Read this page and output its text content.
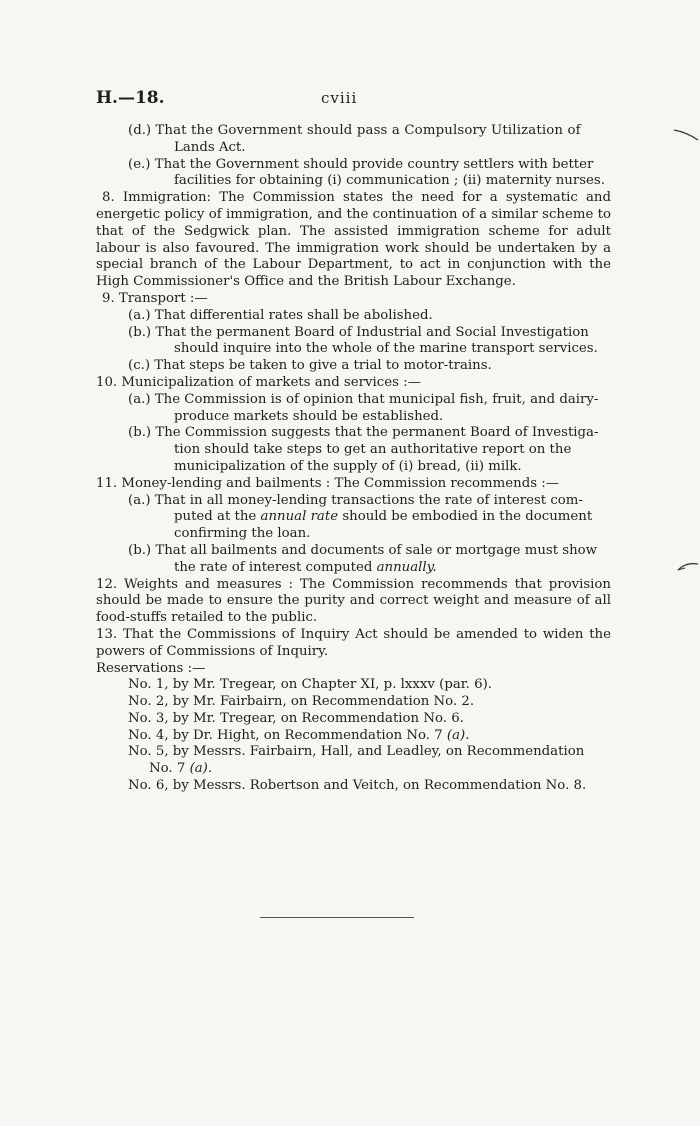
H.—18.	cviii
(d.) That the Government should pass a Compulsory Utilization of
Lands Act.
(e.) That the Government should provide country settlers with better
facilities for obtaining (i) communication ; (ii) maternity nurses.

8. Immigration: The Commission states the need for a systematic and energetic policy of immigration, and the continuation of a similar scheme to that of the Sedgwick plan. The assisted immigration scheme for adult labour is also favoured. The immigration work should be undertaken by a special branch of the Labour Department, to act in conjunction with the High Commissioner's Office and the British Labour Exchange.

9. Transport :—
(a.) That differential rates shall be abolished.
(b.) That the permanent Board of Industrial and Social Investigation
should inquire into the whole of the marine transport services.
(c.) That steps be taken to give a trial to motor-trains.
10. Municipalization of markets and services :—
(a.) The Commission is of opinion that municipal fish, fruit, and dairy-
produce markets should be established.
(b.) The Commission suggests that the permanent Board of Investiga-
tion should take steps to get an authoritative report on the
municipalization of the supply of (i) bread, (ii) milk.
11. Money-lending and bailments : The Commission recommends :—
(a.) That in all money-lending transactions the rate of interest com-
puted at the annual rate should be embodied in the document
confirming the loan.
(b.) That all bailments and documents of sale or mortgage must show
the rate of interest computed annually.

12. Weights and measures : The Commission recommends that provision should be made to ensure the purity and correct weight and measure of all food-stuffs retailed to the public.

13. That the Commissions of Inquiry Act should be amended to widen the powers of Commissions of Inquiry.

Reservations :—
No. 1, by Mr. Tregear, on Chapter XI, p. lxxxv (par. 6).
No. 2, by Mr. Fairbairn, on Recommendation No. 2.
No. 3, by Mr. Tregear, on Recommendation No. 6.
No. 4, by Dr. Hight, on Recommendation No. 7 (a).
No. 5, by Messrs. Fairbairn, Hall, and Leadley, on Recommendation
No. 7 (a).
No. 6, by Messrs. Robertson and Veitch, on Recommendation No. 8.
